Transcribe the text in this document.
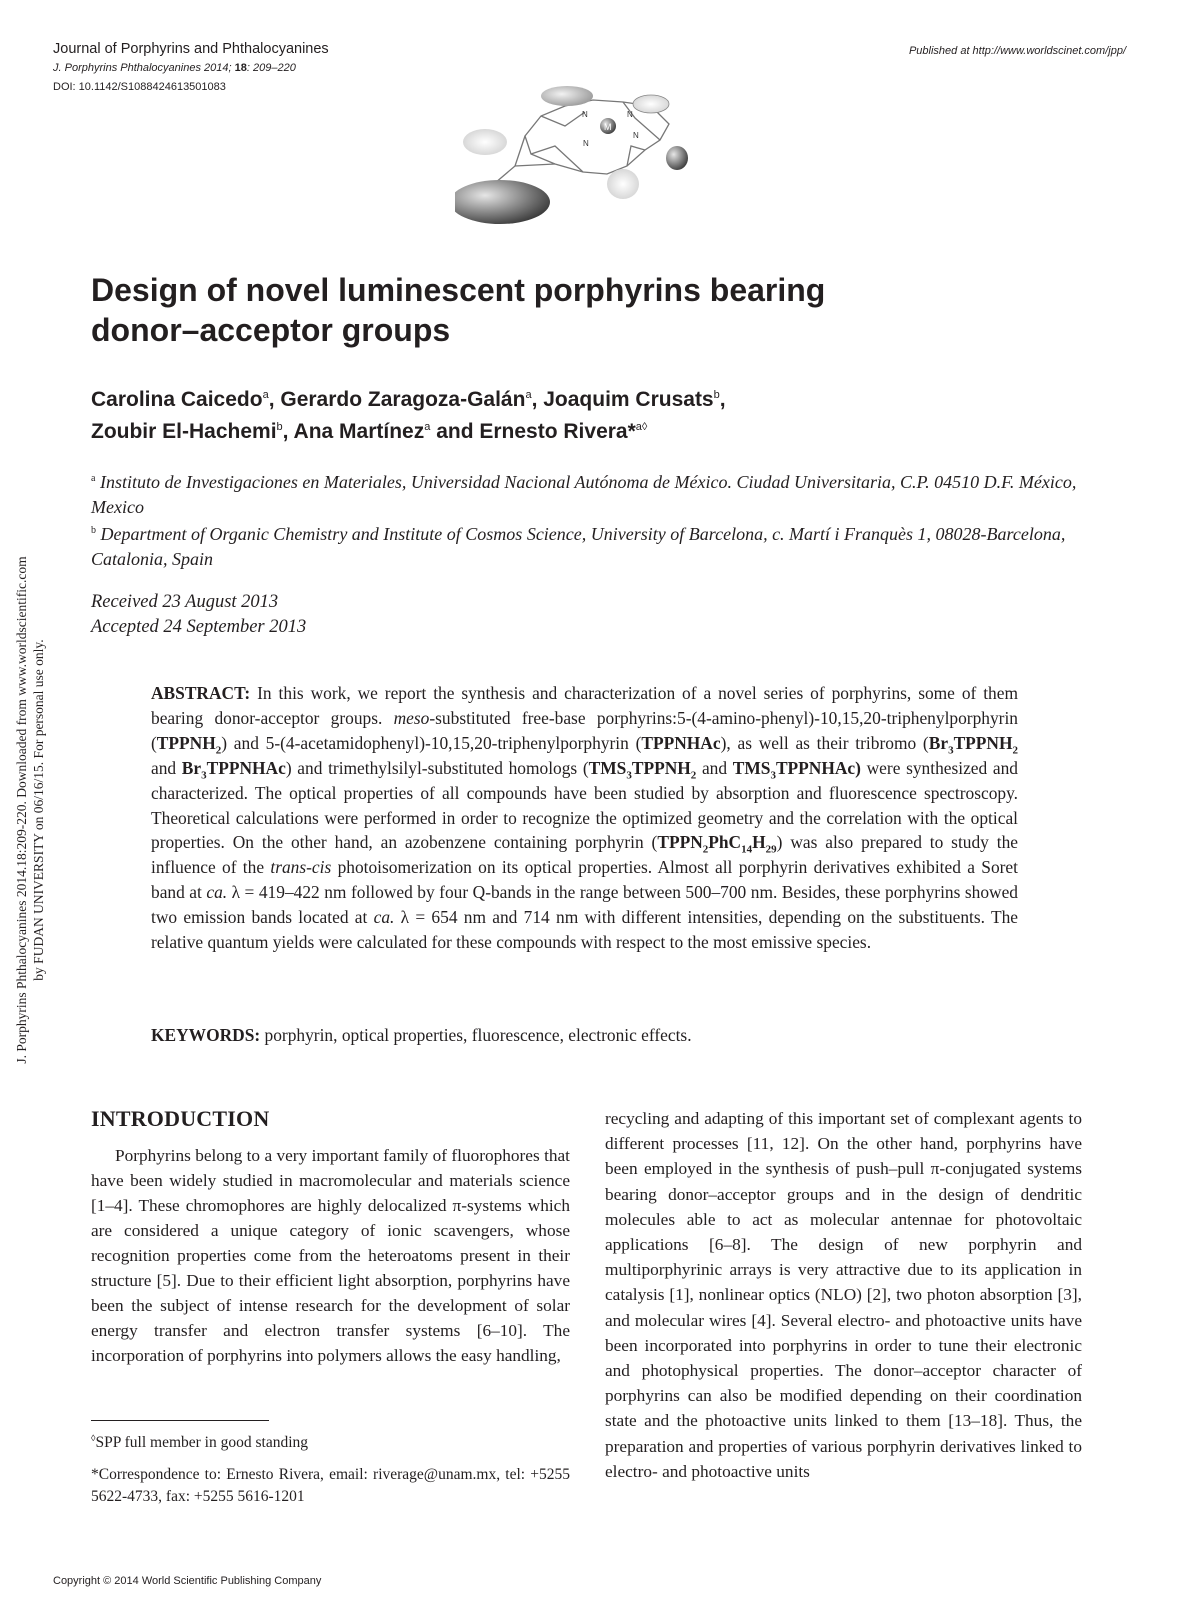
Journal of Porphyrins and Phthalocyanines
J. Porphyrins Phthalocyanines 2014; 18: 209–220
DOI: 10.1142/S1088424613501083
Published at http://www.worldscinet.com/jpp/
M
N	N
N
N
J. Porphyrins Phthalocyanines 2014.18:209-220. Downloaded from www.worldscientific.com by FUDAN UNIVERSITY on 06/16/15. For personal use only.
Design of novel luminescent porphyrins bearing
donor–acceptor groups
Carolina Caicedo$^a$, Gerardo Zaragoza-Galán$^a$, Joaquim Crusats$^b$,
Zoubir El-Hachemi$^b$, Ana Martínez$^a$ and Ernesto Rivera*$^{a◊}$
$^a$ Instituto de Investigaciones en Materiales, Universidad Nacional Autónoma de México. Ciudad Universitaria, C.P. 04510 D.F. México, Mexico
$^b$ Department of Organic Chemistry and Institute of Cosmos Science, University of Barcelona, c. Martí i Franquès 1, 08028-Barcelona, Catalonia, Spain
Received 23 August 2013
Accepted 24 September 2013
ABSTRACT: In this work, we report the synthesis and characterization of a novel series of porphyrins, some of them bearing donor-acceptor groups. meso-substituted free-base porphyrins:5-(4-amino-phenyl)-10,15,20-triphenylporphyrin $(TPPNH_2)$ and 5-(4-acetamidophenyl)-10,15,20-triphenylporphyrin (TPPNHAc), as well as their tribromo ($Br_3TPPNH_2$ and $Br_3TPPNHAc$) and trimethylsilyl-substituted homologs ($TMS_3TPPNH_2$ and $TMS_3TPPNHAc$) were synthesized and characterized. The optical properties of all compounds have been studied by absorption and fluorescence spectroscopy. Theoretical calculations were performed in order to recognize the optimized geometry and the correlation with the optical properties. On the other hand, an azobenzene containing porphyrin $(TPPN_2PhC_{14}H_{29})$ was also prepared to study the influence of the trans-cis photoisomerization on its optical properties. Almost all porphyrin derivatives exhibited a Soret band at ca. λ = 419–422 nm followed by four Q-bands in the range between 500–700 nm. Besides, these porphyrins showed two emission bands located at ca. λ = 654 nm and 714 nm with different intensities, depending on the substituents. The relative quantum yields were calculated for these compounds with respect to the most emissive species.
KEYWORDS: porphyrin, optical properties, fluorescence, electronic effects.
INTRODUCTION

Porphyrins belong to a very important family of fluorophores that have been widely studied in macromolecular and materials science [1–4]. These chromophores are highly delocalized π-systems which are considered a unique category of ionic scavengers, whose recognition properties come from the heteroatoms present in their structure [5]. Due to their efficient light absorption, porphyrins have been the subject of intense research for the development of solar energy transfer and electron transfer systems [6–10]. The incorporation of porphyrins into polymers allows the easy handling,

recycling and adapting of this important set of complexant agents to different processes [11, 12]. On the other hand, porphyrins have been employed in the synthesis of push–pull π-conjugated systems bearing donor–acceptor groups and in the design of dendritic molecules able to act as molecular antennae for photovoltaic applications [6–8]. The design of new porphyrin and multiporphyrinic arrays is very attractive due to its application in catalysis [1], nonlinear optics (NLO) [2], two photon absorption [3], and molecular wires [4]. Several electro- and photoactive units have been incorporated into porphyrins in order to tune their electronic and photophysical properties. The donor–acceptor character of porphyrins can also be modified depending on their coordination state and the photoactive units linked to them [13–18]. Thus, the preparation and properties of various porphyrin derivatives linked to electro- and photoactive units

◊SPP full member in good standing
*Correspondence to: Ernesto Rivera, email: riverage@unam.mx, tel: +5255 5622-4733, fax: +5255 5616-1201
Copyright © 2014 World Scientific Publishing Company
